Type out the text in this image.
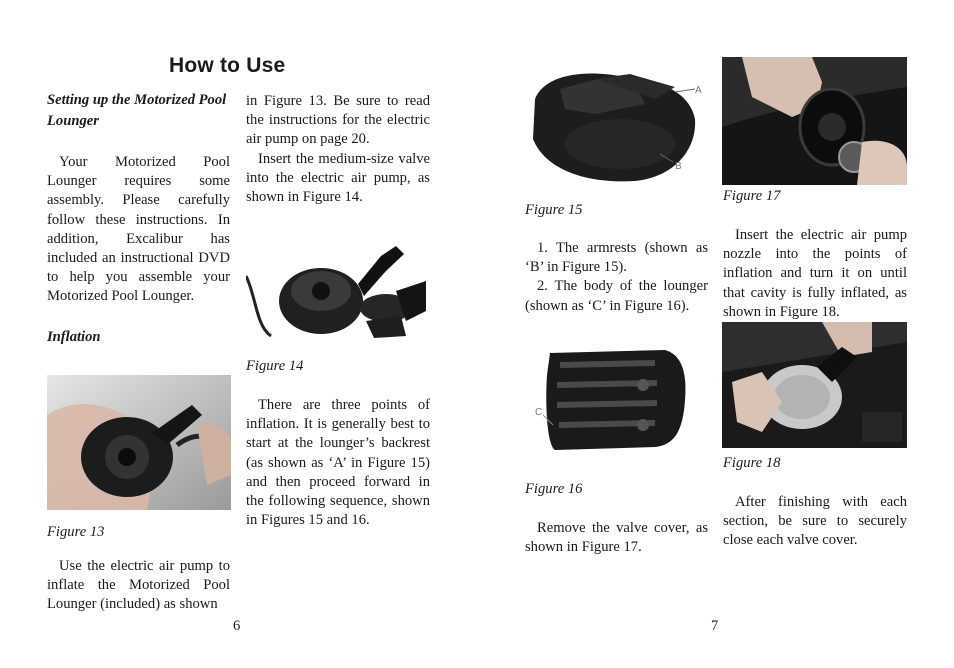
How to Use

Setting up the Motorized Pool Lounger

Your Motorized Pool Lounger requires some assembly. Please carefully follow these instructions. In addition, Excalibur has included an instructional DVD to help you assemble your Motorized Pool Lounger.

Inflation

Figure 13

Use the electric air pump to inflate the Motorized Pool Lounger (included) as shown

in Figure 13. Be sure to read the instructions for the electric air pump on page 20.

Insert the medium-size valve into the electric air pump, as shown in Figure 14.

Figure 14

There are three points of inflation. It is generally best to start at the lounger’s backrest (as shown as ‘A’ in Figure 15) and then proceed forward in the following sequence, shown in Figures 15 and 16.

6
A
B

Figure 15

1. The armrests (shown as ‘B’ in Figure 15).

2. The body of the lounger (shown as ‘C’ in Figure 16).

C

Figure 16

Remove the valve cover, as shown in Figure 17.

Figure 17

Insert the electric air pump nozzle into the points of inflation and turn it on until that cavity is fully inflated, as shown in Figure 18.

Figure 18

After finishing with each section, be sure to securely close each valve cover.

7
